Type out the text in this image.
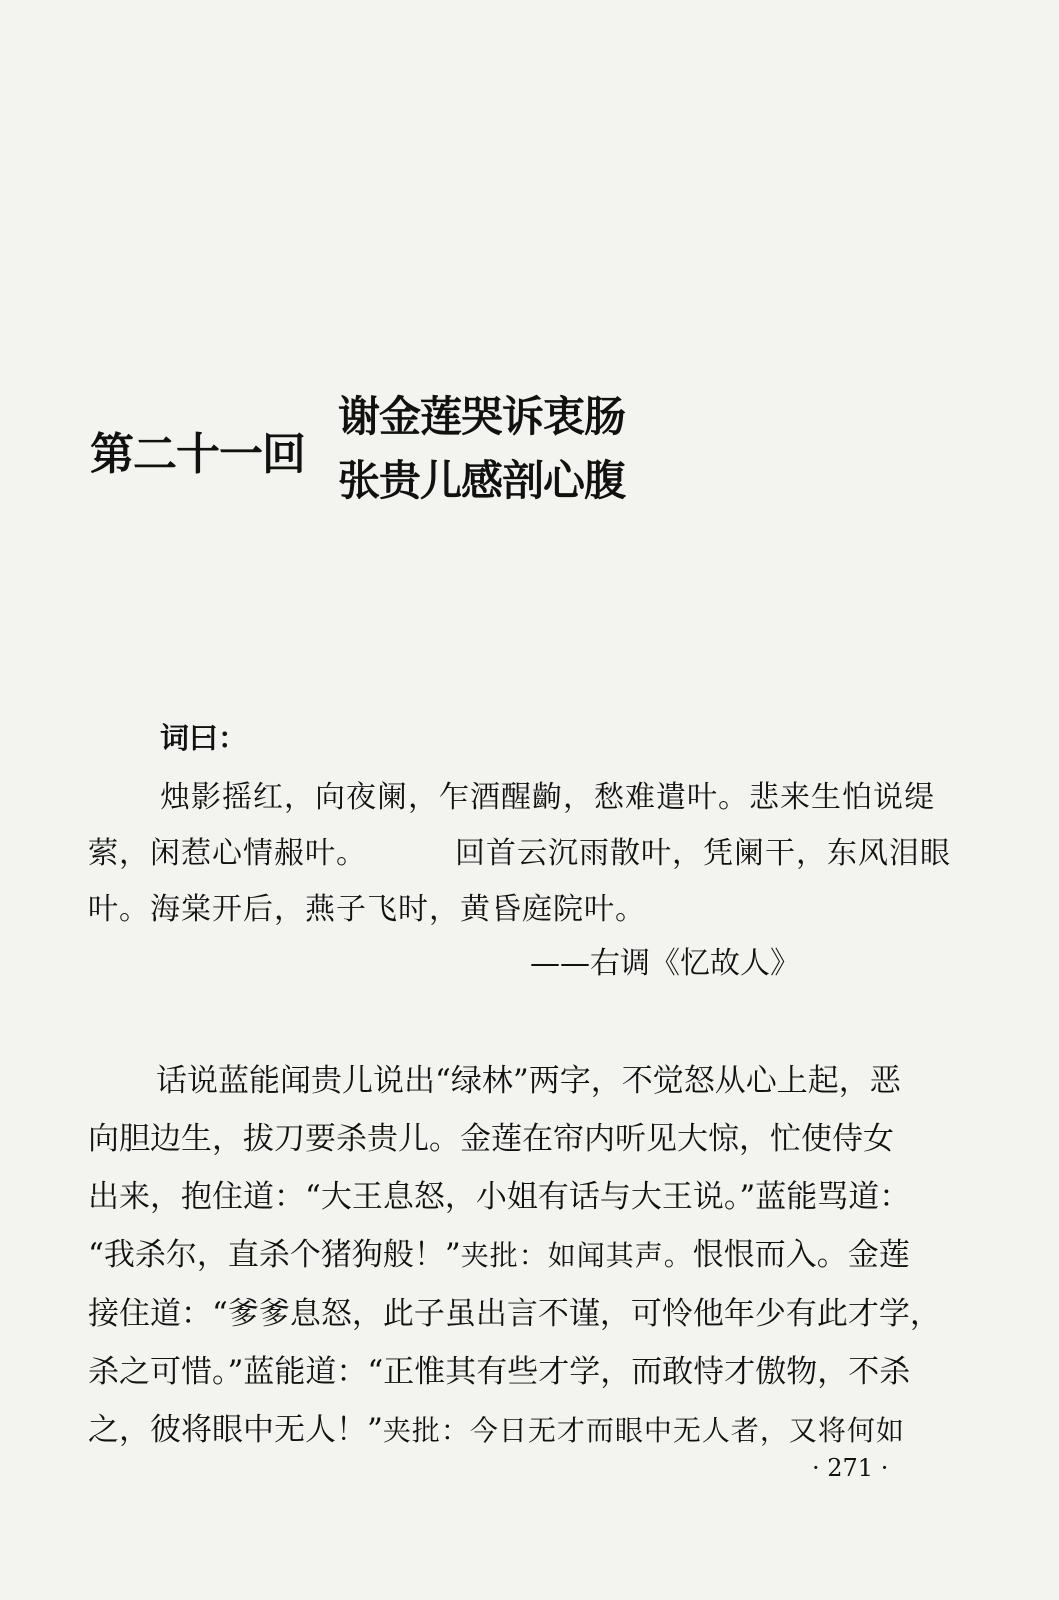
第二十一回
谢金莲哭诉衷肠
张贵儿感剖心腹
词曰：
烛影摇红，向夜阑，乍酒醒齣，愁难遣叶。悲来生怕说缇
萦，闲惹心情赧叶。	回首云沉雨散叶，凭阑干，东风泪眼
叶。海棠开后，燕子飞时，黄昏庭院叶。
——右调《忆故人》
话说蓝能闻贵儿说出“绿林”两字，不觉怒从心上起，恶
向胆边生，拔刀要杀贵儿。金莲在帘内听见大惊，忙使侍女
出来，抱住道：“大王息怒，小姐有话与大王说。”蓝能骂道：
“我杀尔，直杀个猪狗般！”夹批：如闻其声。恨恨而入。金莲
接住道：“爹爹息怒，此子虽出言不谨，可怜他年少有此才学，
杀之可惜。”蓝能道：“正惟其有些才学，而敢恃才傲物，不杀
之，彼将眼中无人！”夹批：今日无才而眼中无人者，又将何如
· 271 ·
